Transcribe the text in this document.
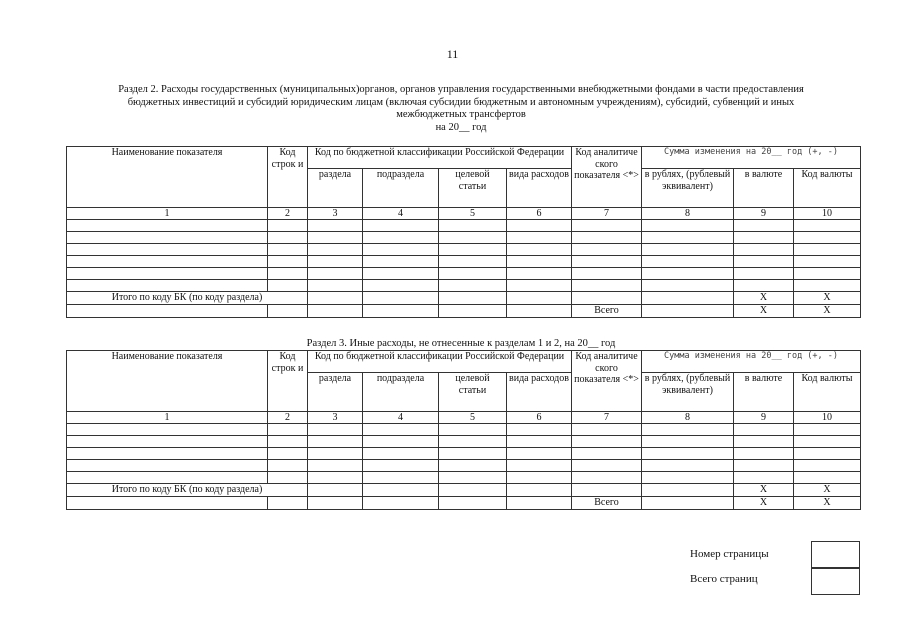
11
Раздел 2. Расходы государственных (муниципальных)органов, органов управления государственными внебюджетными фондами в части предоставления
бюджетных инвестиций и субсидий юридическим лицам (включая субсидии бюджетным и автономным учреждениям), субсидий, субвенций и иных
межбюджетных трансфертов
на 20__ год
Наименование показателя	Код строк и	Код по бюджетной классификации Российской Федерации				Код аналитиче ского показателя <*>	Сумма изменения на 20__ год (+, -)		
		раздела	подраздела	целевой статьи	вида расходов		в рублях, (рублевый эквивалент)	в валюте	Код валюты
1	2	3	4	5	6	7	8	9	10

Итого по коду БК (по коду раздела)								X	X
						Всего		X	X
Раздел 3. Иные расходы, не отнесенные к разделам 1 и 2, на 20__ год
Наименование показателя	Код строк и	Код по бюджетной классификации Российской Федерации				Код аналитиче ского показателя <*>	Сумма изменения на 20__ год (+, -)		
		раздела	подраздела	целевой статьи	вида расходов		в рублях, (рублевый эквивалент)	в валюте	Код валюты
1	2	3	4	5	6	7	8	9	10

Итого по коду БК (по коду раздела)								X	X
						Всего		X	X
Номер страницы
Всего страниц
